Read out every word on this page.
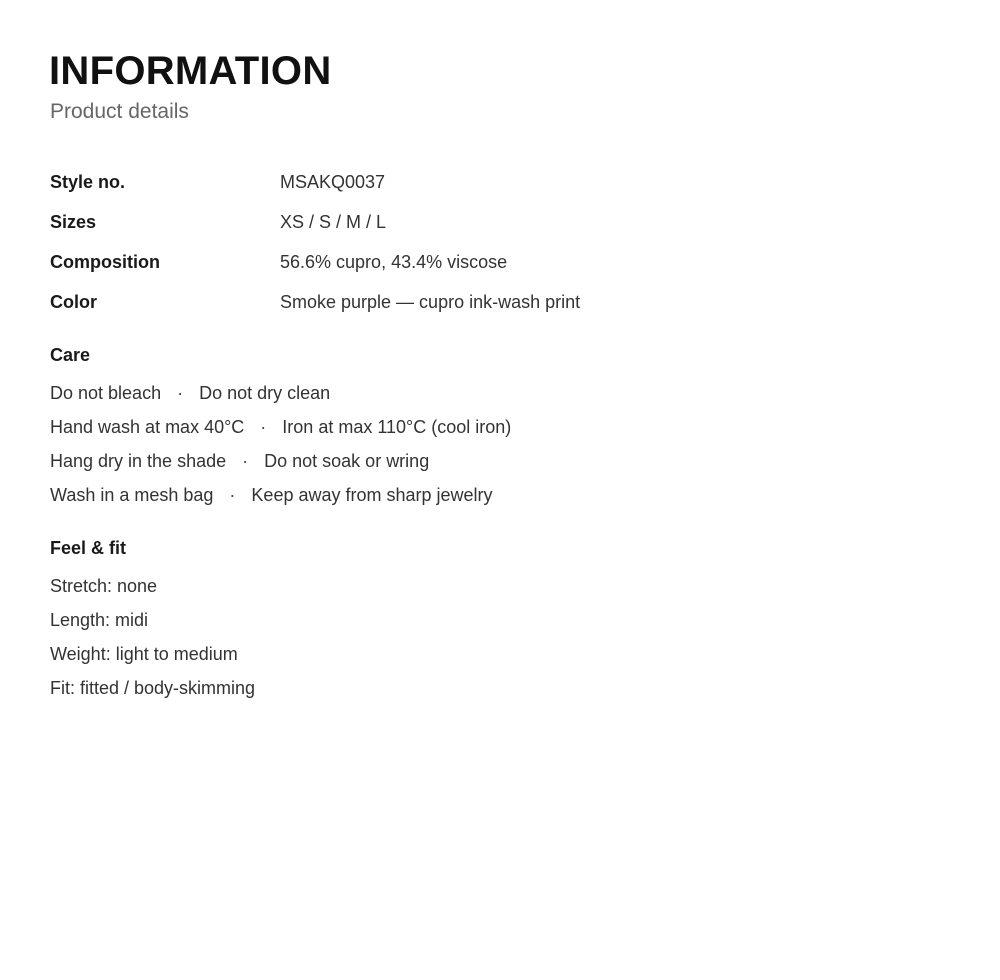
INFORMATION
Product details
Style no.	MSAKQ0037
Sizes	XS / S / M / L
Composition	56.6% cupro, 43.4% viscose
Color	Smoke purple — cupro ink-wash print
Care
Do not bleach · Do not dry clean
Hand wash at max 40°C · Iron at max 110°C (cool iron)
Hang dry in the shade · Do not soak or wring
Wash in a mesh bag · Keep away from sharp jewelry
Feel & fit
Stretch: none
Length: midi
Weight: light to medium
Fit: fitted / body-skimming
